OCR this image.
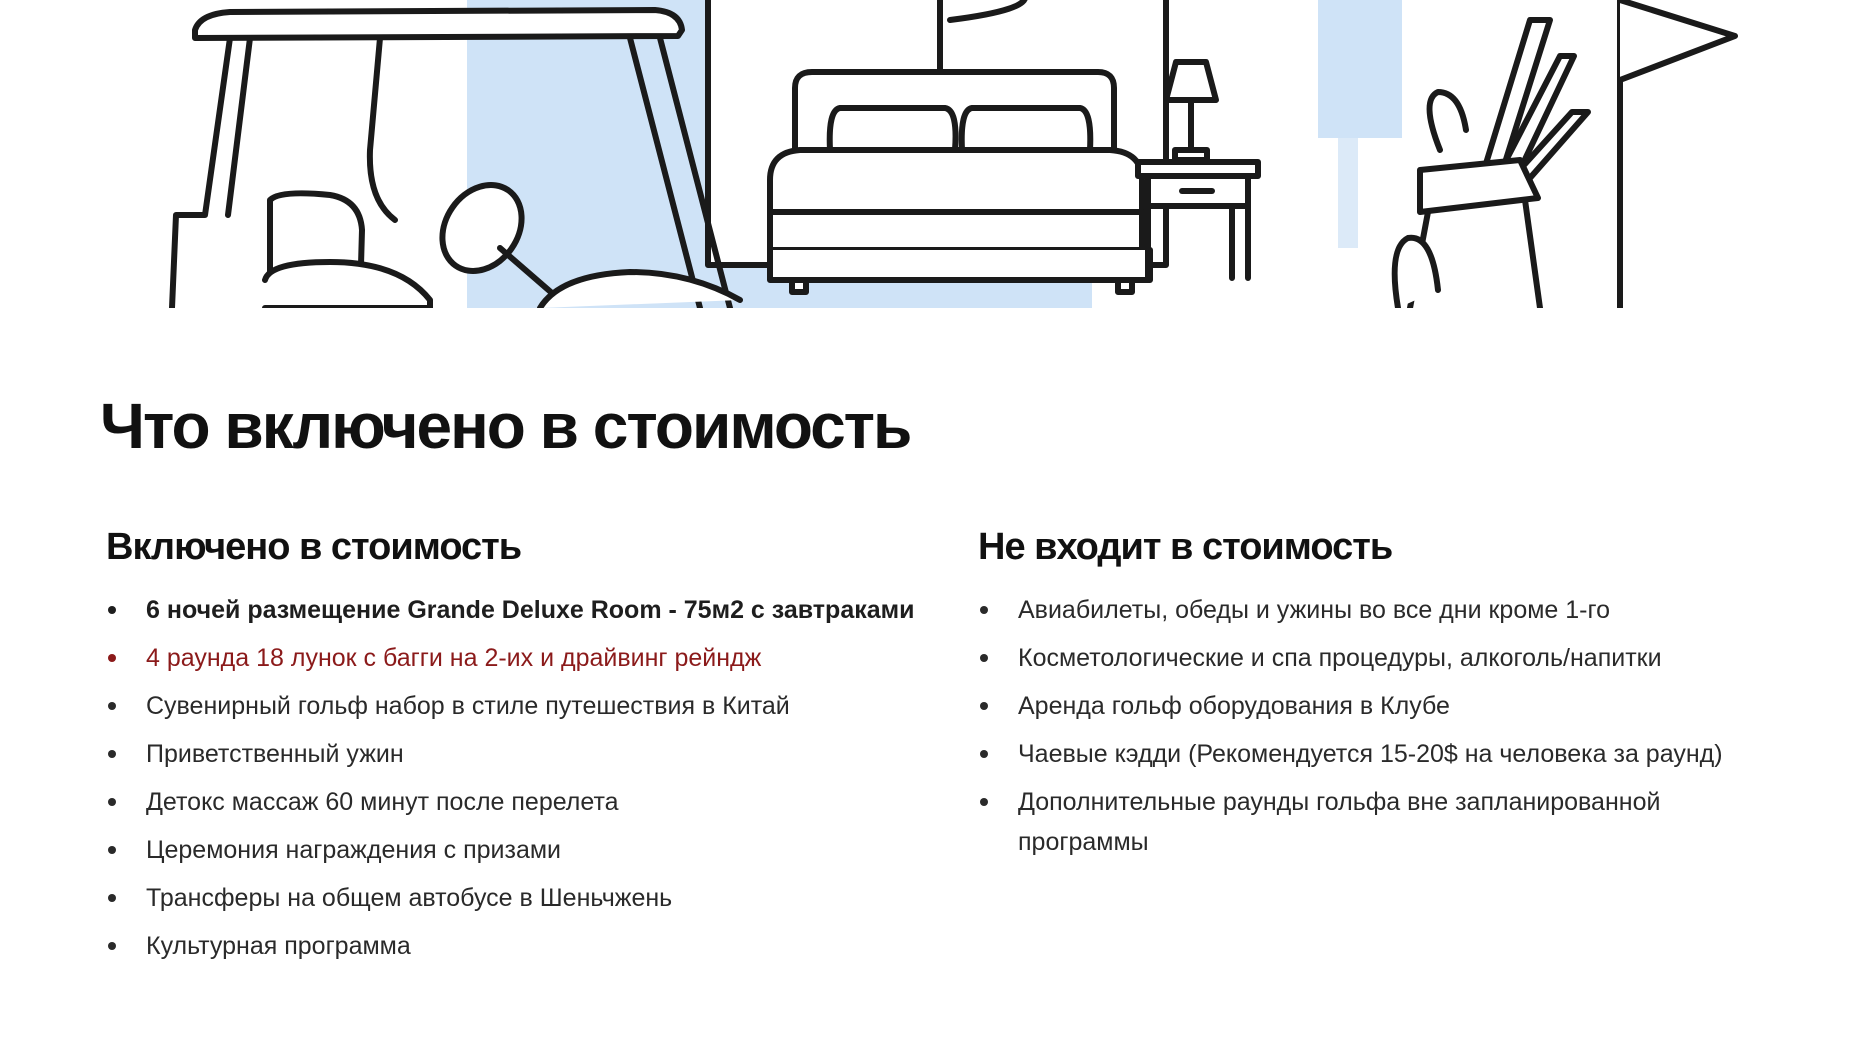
Что включено в стоимость
Включено в стоимость
6 ночей размещение Grande Deluxe Room - 75м2 с завтраками
4 раунда 18 лунок с багги на 2-их и драйвинг рейндж
Сувенирный гольф набор в стиле путешествия в Китай
Приветственный ужин
Детокс массаж 60 минут после перелета
Церемония награждения с призами
Трансферы на общем автобусе в Шеньчжень
Культурная программа
Не входит в стоимость
Авиабилеты, обеды и ужины во все дни кроме 1-го
Косметологические и спа процедуры, алкоголь/напитки
Аренда гольф оборудования в Клубе
Чаевые кэдди (Рекомендуется 15-20$ на человека за раунд)
Дополнительные раунды гольфа вне запланированной программы
